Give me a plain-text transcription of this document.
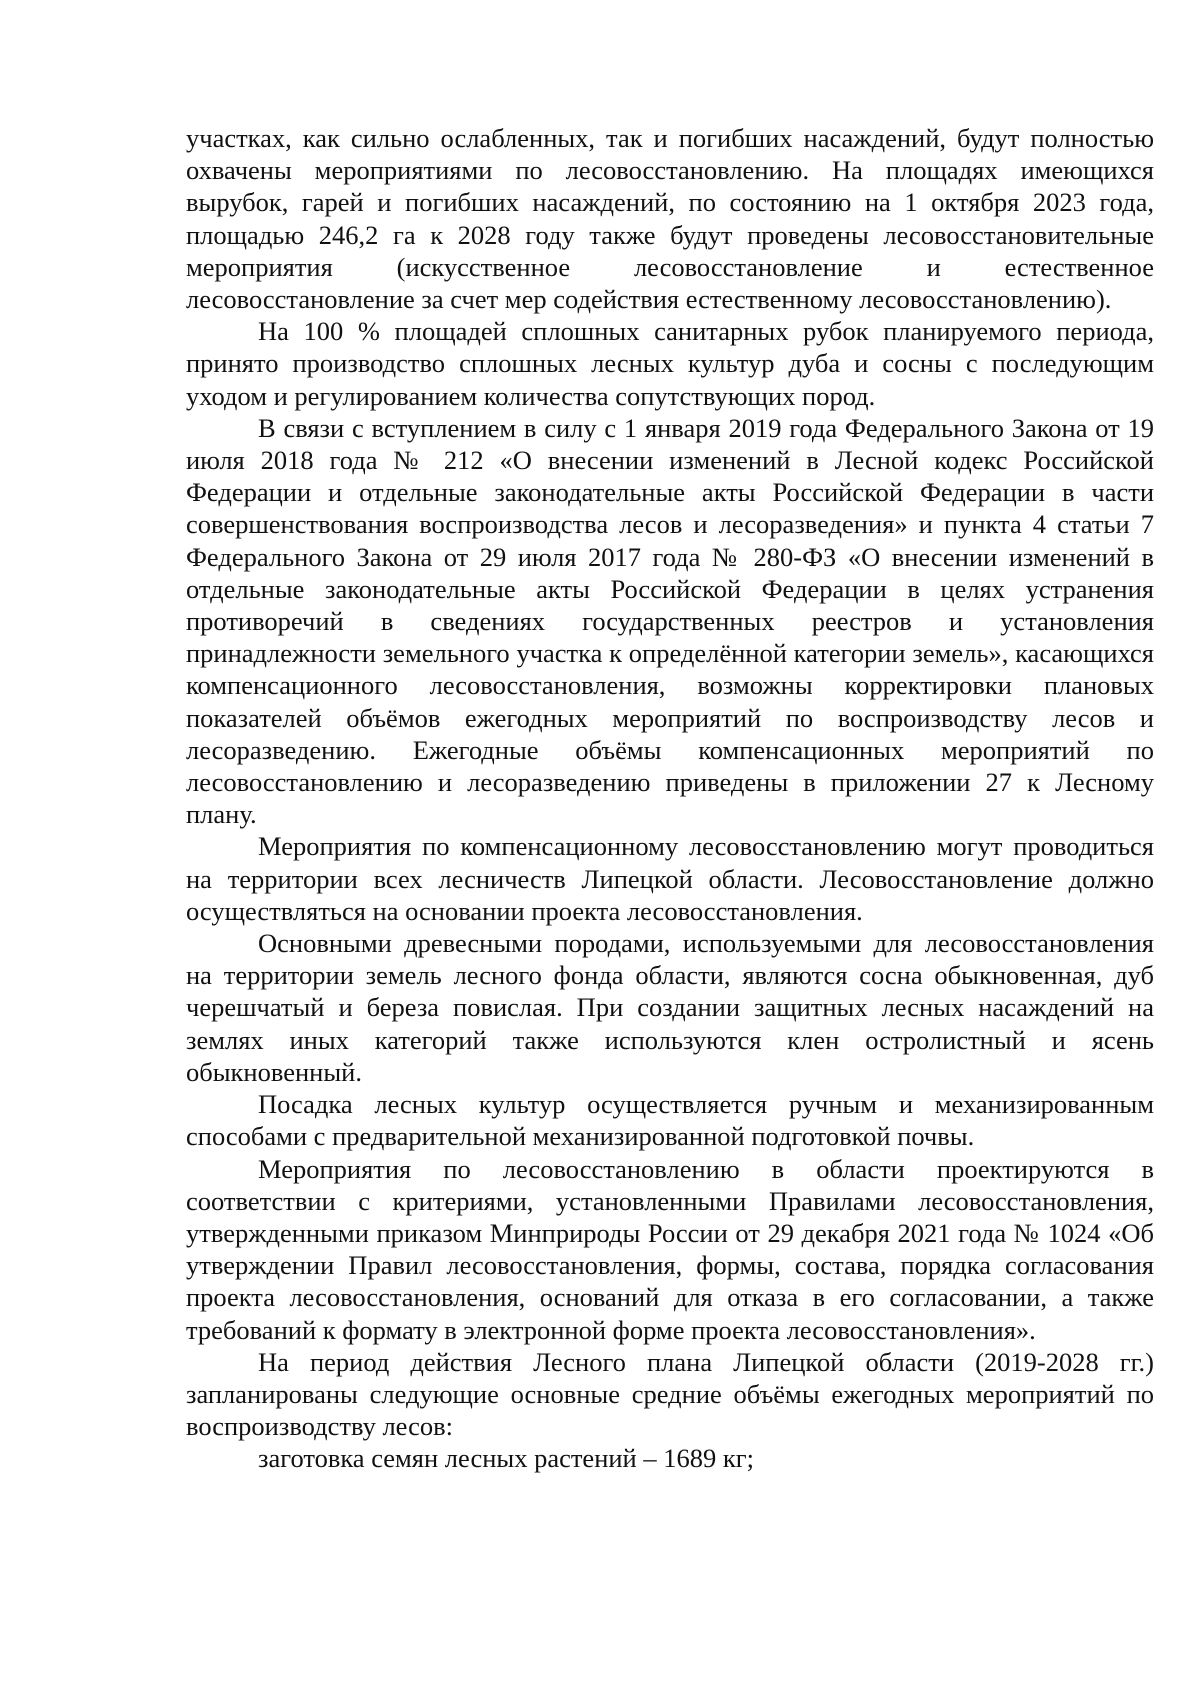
участках, как сильно ослабленных, так и погибших насаждений, будут полностью охвачены мероприятиями по лесовосстановлению. На площадях имеющихся вырубок, гарей и погибших насаждений, по состоянию на 1 октября 2023 года, площадью 246,2 га к 2028 году также будут проведены лесовосстановительные мероприятия (искусственное лесовосстановление и естественное лесовосстановление за счет мер содействия естественному лесовосстановлению).

На 100 % площадей сплошных санитарных рубок планируемого периода, принято производство сплошных лесных культур дуба и сосны с последующим уходом и регулированием количества сопутствующих пород.

В связи с вступлением в силу с 1 января 2019 года Федерального Закона от 19 июля 2018 года № 212 «О внесении изменений в Лесной кодекс Российской Федерации и отдельные законодательные акты Российской Федерации в части совершенствования воспроизводства лесов и лесоразведения» и пункта 4 статьи 7 Федерального Закона от 29 июля 2017 года № 280-ФЗ «О внесении изменений в отдельные законодательные акты Российской Федерации в целях устранения противоречий в сведениях государственных реестров и установления принадлежности земельного участка к определённой категории земель», касающихся компенсационного лесовосстановления, возможны корректировки плановых показателей объёмов ежегодных мероприятий по воспроизводству лесов и лесоразведению. Ежегодные объёмы компенсационных мероприятий по лесовосстановлению и лесоразведению приведены в приложении 27 к Лесному плану.

Мероприятия по компенсационному лесовосстановлению могут проводиться на территории всех лесничеств Липецкой области. Лесовосстановление должно осуществляться на основании проекта лесовосстановления.

Основными древесными породами, используемыми для лесовосстановления на территории земель лесного фонда области, являются сосна обыкновенная, дуб черешчатый и береза повислая. При создании защитных лесных насаждений на землях иных категорий также используются клен остролистный и ясень обыкновенный.

Посадка лесных культур осуществляется ручным и механизированным способами с предварительной механизированной подготовкой почвы.

Мероприятия по лесовосстановлению в области проектируются в соответствии с критериями, установленными Правилами лесовосстановления, утвержденными приказом Минприроды России от 29 декабря 2021 года № 1024 «Об утверждении Правил лесовосстановления, формы, состава, порядка согласования проекта лесовосстановления, оснований для отказа в его согласовании, а также требований к формату в электронной форме проекта лесовосстановления».

На период действия Лесного плана Липецкой области (2019-2028 гг.) запланированы следующие основные средние объёмы ежегодных мероприятий по воспроизводству лесов:

заготовка семян лесных растений – 1689 кг;
